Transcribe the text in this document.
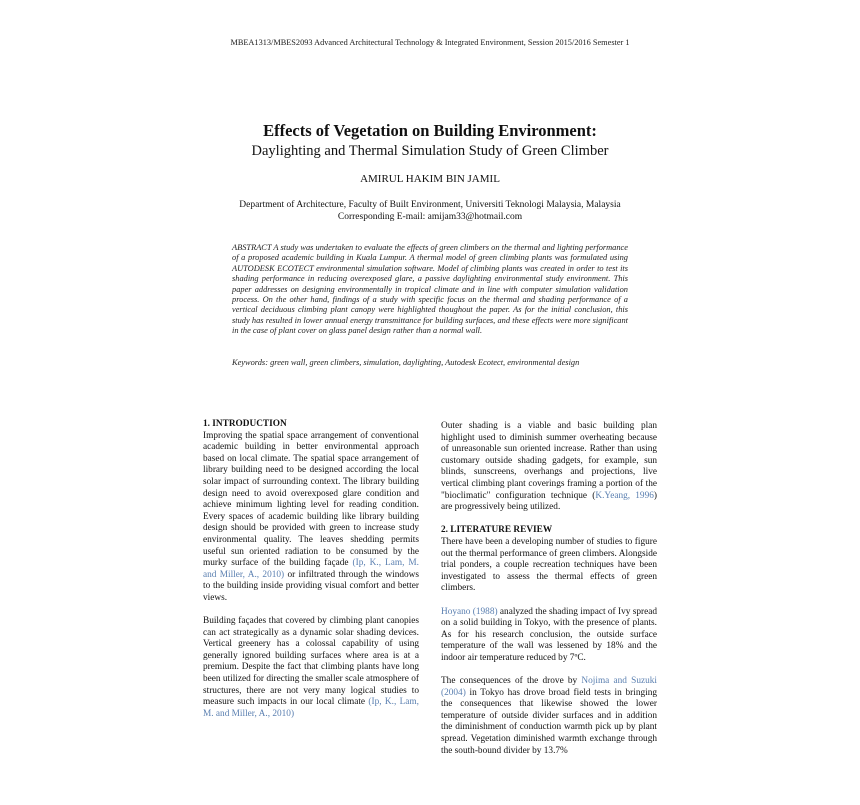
MBEA1313/MBES2093 Advanced Architectural Technology & Integrated Environment, Session 2015/2016 Semester 1
Effects of Vegetation on Building Environment:
Daylighting and Thermal Simulation Study of Green Climber
AMIRUL HAKIM BIN JAMIL
Department of Architecture, Faculty of Built Environment, Universiti Teknologi Malaysia, Malaysia
Corresponding E-mail: amijam33@hotmail.com
ABSTRACT A study was undertaken to evaluate the effects of green climbers on the thermal and lighting performance of a proposed academic building in Kuala Lumpur. A thermal model of green climbing plants was formulated using AUTODESK ECOTECT environmental simulation software. Model of climbing plants was created in order to test its shading performance in reducing overexposed glare, a passive daylighting environmental study environment. This paper addresses on designing environmentally in tropical climate and in line with computer simulation validation process. On the other hand, findings of a study with specific focus on the thermal and shading performance of a vertical deciduous climbing plant canopy were highlighted thoughout the paper. As for the initial conclusion, this study has resulted in lower annual energy transmittance for building surfaces, and these effects were more significant in the case of plant cover on glass panel design rather than a normal wall.
Keywords: green wall, green climbers, simulation, daylighting, Autodesk Ecotect, environmental design
1. INTRODUCTION
Improving the spatial space arrangement of conventional academic building in better environmental approach based on local climate. The spatial space arrangement of library building need to be designed according the local solar impact of surrounding context. The library building design need to avoid overexposed glare condition and achieve minimum lighting level for reading condition. Every spaces of academic building like library building design should be provided with green to increase study environmental quality. The leaves shedding permits useful sun oriented radiation to be consumed by the murky surface of the building façade (Ip, K., Lam, M. and Miller, A., 2010) or infiltrated through the windows to the building inside providing visual comfort and better views.
Building façades that covered by climbing plant canopies can act strategically as a dynamic solar shading devices. Vertical greenery has a colossal capability of using generally ignored building surfaces where area is at a premium. Despite the fact that climbing plants have long been utilized for directing the smaller scale atmosphere of structures, there are not very many logical studies to measure such impacts in our local climate (Ip, K., Lam, M. and Miller, A., 2010)
Outer shading is a viable and basic building plan highlight used to diminish summer overheating because of unreasonable sun oriented increase. Rather than using customary outside shading gadgets, for example, sun blinds, sunscreens, overhangs and projections, live vertical climbing plant coverings framing a portion of the "bioclimatic" configuration technique (K.Yeang, 1996) are progressively being utilized.
2. LITERATURE REVIEW
There have been a developing number of studies to figure out the thermal performance of green climbers. Alongside trial ponders, a couple recreation techniques have been investigated to assess the thermal effects of green climbers.
Hoyano (1988) analyzed the shading impact of Ivy spread on a solid building in Tokyo, with the presence of plants. As for his research conclusion, the outside surface temperature of the wall was lessened by 18% and the indoor air temperature reduced by 7ºC.
The consequences of the drove by Nojima and Suzuki (2004) in Tokyo has drove broad field tests in bringing the consequences that likewise showed the lower temperature of outside divider surfaces and in addition the diminishment of conduction warmth pick up by plant spread. Vegetation diminished warmth exchange through the south-bound divider by 13.7%
